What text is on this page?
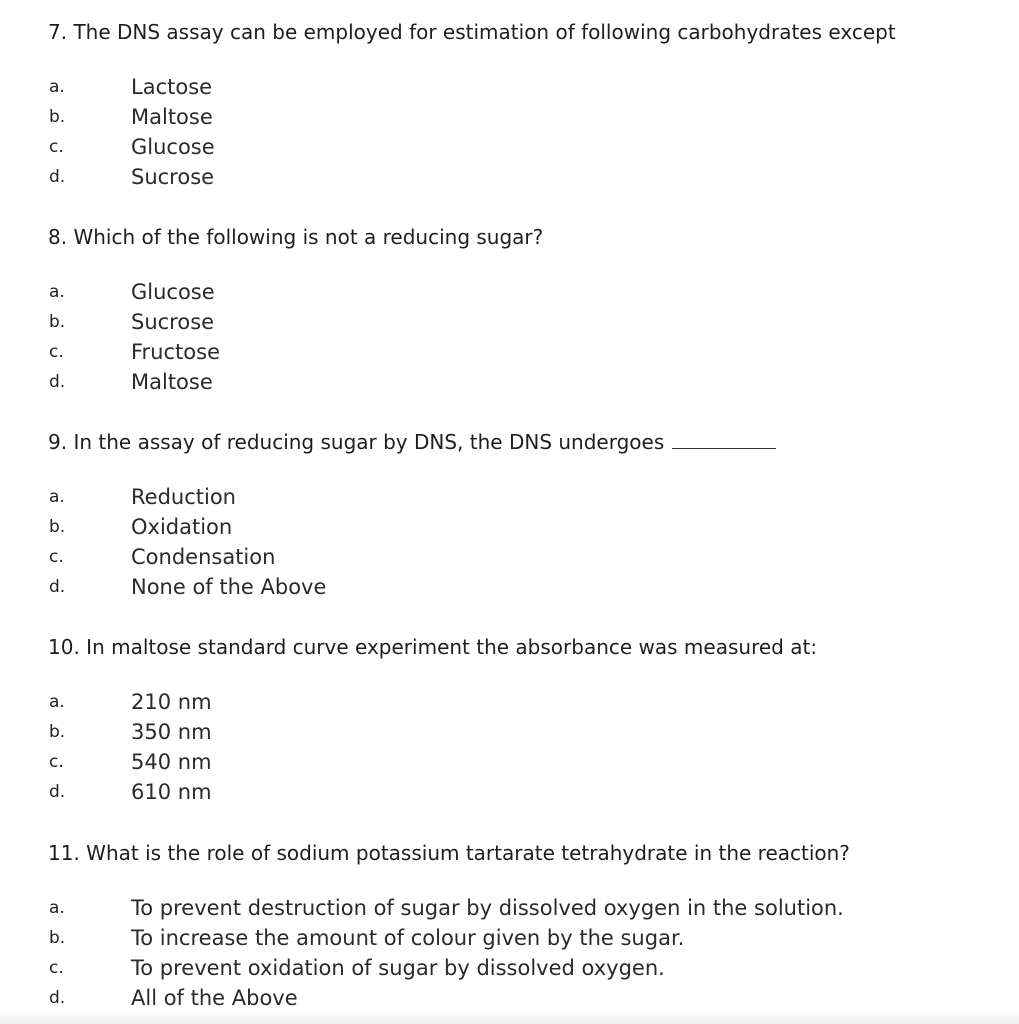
7. The DNS assay can be employed for estimation of following carbohydrates except
a.	Lactose
b.	Maltose
c.	Glucose
d.	Sucrose
8. Which of the following is not a reducing sugar?
a.	Glucose
b.	Sucrose
c.	Fructose
d.	Maltose
9. In the assay of reducing sugar by DNS, the DNS undergoes
a.	Reduction
b.	Oxidation
c.	Condensation
d.	None of the Above
10. In maltose standard curve experiment the absorbance was measured at:
a.	210 nm
b.	350 nm
c.	540 nm
d.	610 nm
11. What is the role of sodium potassium tartarate tetrahydrate in the reaction?
a.	To prevent destruction of sugar by dissolved oxygen in the solution.
b.	To increase the amount of colour given by the sugar.
c.	To prevent oxidation of sugar by dissolved oxygen.
d.	All of the Above
